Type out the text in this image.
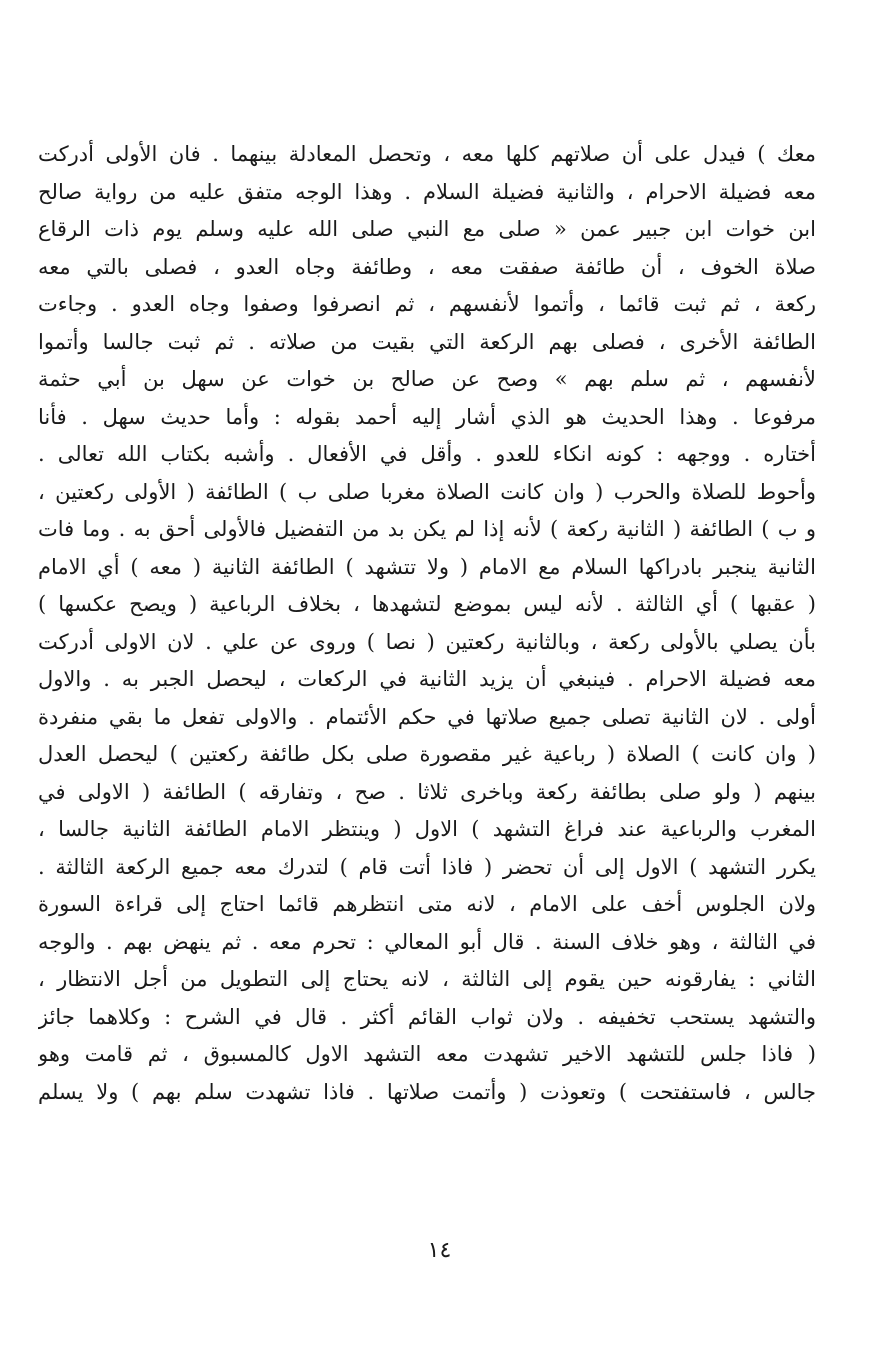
معك ) فيدل على أن صلاتهم كلها معه ، وتحصل المعادلة بينهما . فان الأولى أدركت
معه فضيلة الاحرام ، والثانية فضيلة السلام . وهذا الوجه متفق عليه من رواية صالح
ابن خوات ابن جبير عمن « صلى مع النبي صلى الله عليه وسلم يوم ذات الرقاع
صلاة الخوف ، أن طائفة صفقت معه ، وطائفة وجاه العدو ، فصلى بالتي معه
ركعة ، ثم ثبت قائما ، وأتموا لأنفسهم ، ثم انصرفوا وصفوا وجاه العدو . وجاءت
الطائفة الأخرى ، فصلى بهم الركعة التي بقيت من صلاته . ثم ثبت جالسا وأتموا
لأنفسهم ، ثم سلم بهم » وصح عن صالح بن خوات عن سهل بن أبي حثمة
مرفوعا . وهذا الحديث هو الذي أشار إليه أحمد بقوله : وأما حديث سهل . فأنا
أختاره . ووجهه : كونه انكاء للعدو . وأقل في الأفعال . وأشبه بكتاب الله تعالى .
وأحوط للصلاة والحرب ( وان كانت الصلاة مغربا صلى ب ) الطائفة ( الأولى ركعتين ،
و ب ) الطائفة ( الثانية ركعة ) لأنه إذا لم يكن بد من التفضيل فالأولى أحق به . وما فات
الثانية ينجبر بادراكها السلام مع الامام ( ولا تتشهد ) الطائفة الثانية ( معه ) أي الامام
( عقبها ) أي الثالثة . لأنه ليس بموضع لتشهدها ، بخلاف الرباعية ( ويصح عكسها )
بأن يصلي بالأولى ركعة ، وبالثانية ركعتين ( نصا ) وروى عن علي . لان الاولى أدركت
معه فضيلة الاحرام . فينبغي أن يزيد الثانية في الركعات ، ليحصل الجبر به . والاول
أولى . لان الثانية تصلى جميع صلاتها في حكم الأئتمام . والاولى تفعل ما بقي منفردة
( وان كانت ) الصلاة ( رباعية غير مقصورة صلى بكل طائفة ركعتين ) ليحصل العدل
بينهم ( ولو صلى بطائفة ركعة وباخرى ثلاثا . صح ، وتفارقه ) الطائفة ( الاولى في
المغرب والرباعية عند فراغ التشهد ) الاول ( وينتظر الامام الطائفة الثانية جالسا ،
يكرر التشهد ) الاول إلى أن تحضر ( فاذا أتت قام ) لتدرك معه جميع الركعة الثالثة .
ولان الجلوس أخف على الامام ، لانه متى انتظرهم قائما احتاج إلى قراءة السورة
في الثالثة ، وهو خلاف السنة . قال أبو المعالي : تحرم معه . ثم ينهض بهم . والوجه
الثاني : يفارقونه حين يقوم إلى الثالثة ، لانه يحتاج إلى التطويل من أجل الانتظار ،
والتشهد يستحب تخفيفه . ولان ثواب القائم أكثر . قال في الشرح : وكلاهما جائز
( فاذا جلس للتشهد الاخير تشهدت معه التشهد الاول كالمسبوق ، ثم قامت وهو
جالس ، فاستفتحت ) وتعوذت ( وأتمت صلاتها . فاذا تشهدت سلم بهم ) ولا يسلم
١٤
